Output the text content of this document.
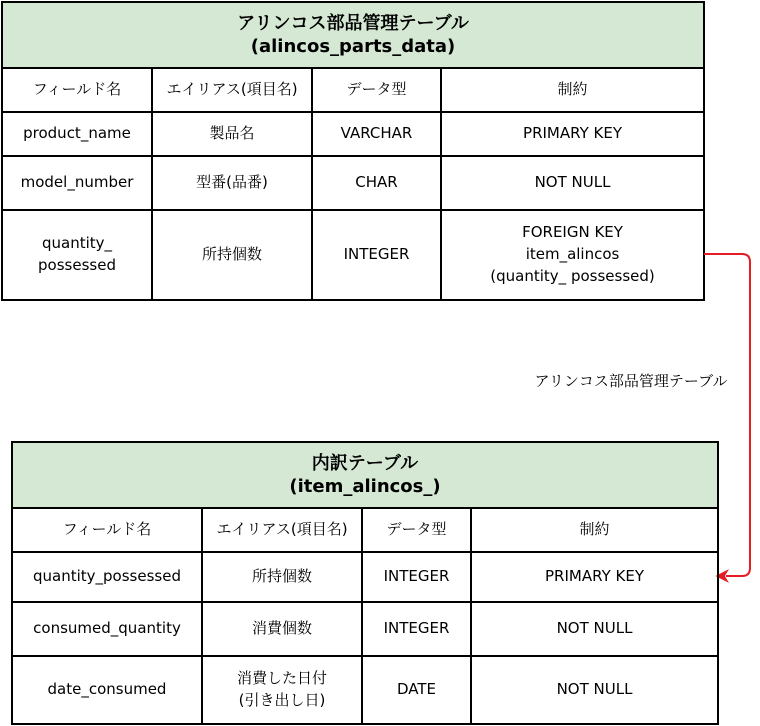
アリンコス部品管理テーブル
(alincos_parts_data)			

フィールド名	エイリアス(項目名)	データ型	制約
product_name	製品名	VARCHAR	PRIMARY KEY

model_number	型番(品番)	CHAR	NOT NULL

quantity_
possessed	所持個数	INTEGER	FOREIGN KEY
item_alincos
(quantity_ possessed)
アリンコス部品管理テーブル
内訳テーブル
(item_alincos_)			

フィールド名	エイリアス(項目名)	データ型	制約
quantity_possessed	所持個数	INTEGER	PRIMARY KEY
consumed_quantity	消費個数	INTEGER	NOT NULL
date_consumed	消費した日付
(引き出し日)	DATE	NOT NULL
